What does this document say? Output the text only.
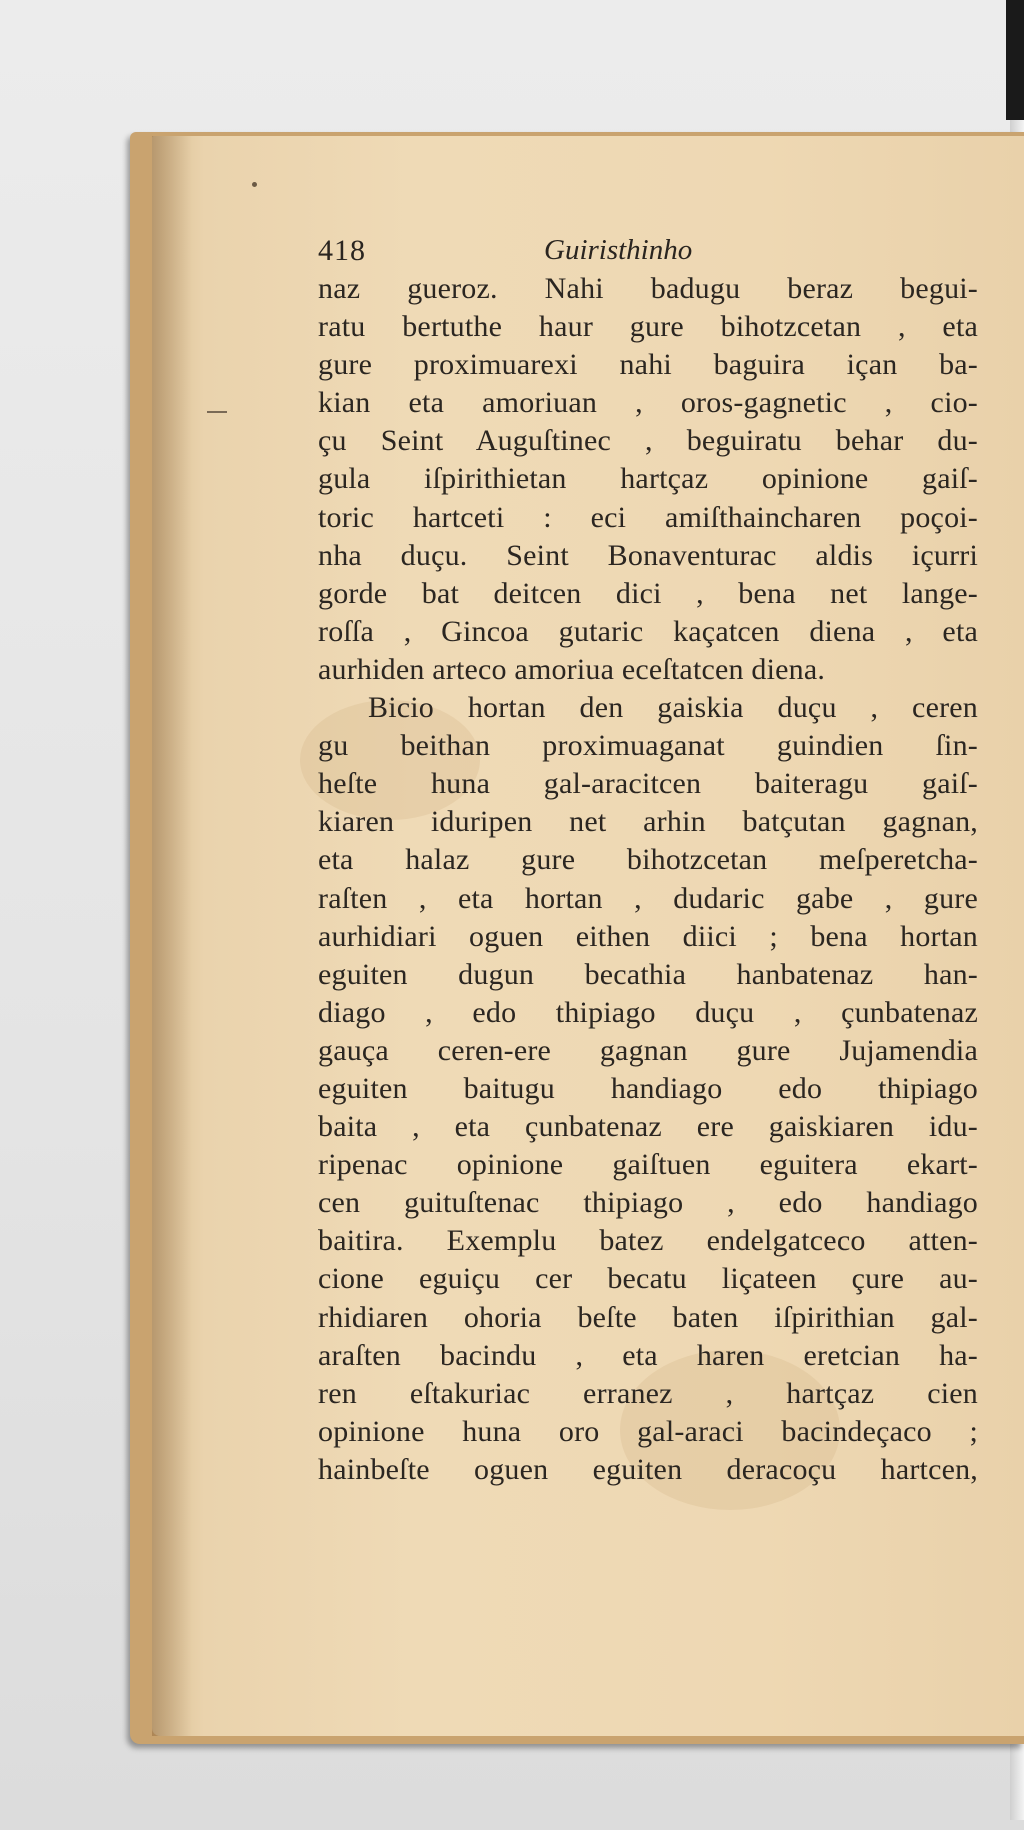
418	Guiristhinho
naz gueroz. Nahi badugu beraz begui-
ratu bertuthe haur gure bihotzcetan , eta
gure proximuarexi nahi baguira içan ba-
kian eta amoriuan , oros-gagnetic , cio-
çu Seint Auguſtinec , beguiratu behar du-
gula iſpirithietan hartçaz opinione gaiſ-
toric hartceti : eci amiſthaincharen poçoi-
nha duçu. Seint Bonaventurac aldis içurri
gorde bat deitcen dici , bena net lange-
roſſa , Gincoa gutaric kaçatcen diena , eta
aurhiden arteco amoriua eceſtatcen diena.
Bicio hortan den gaiskia duçu , ceren
gu beithan proximuaganat guindien ſin-
heſte huna gal-aracitcen baiteragu gaiſ-
kiaren iduripen net arhin batçutan gagnan,
eta halaz gure bihotzcetan meſperetcha-
raſten , eta hortan , dudaric gabe , gure
aurhidiari oguen eithen diici ; bena hortan
eguiten dugun becathia hanbatenaz han-
diago , edo thipiago duçu , çunbatenaz
gauça ceren-ere gagnan gure Jujamendia
eguiten baitugu handiago edo thipiago
baita , eta çunbatenaz ere gaiskiaren idu-
ripenac opinione gaiſtuen eguitera ekart-
cen guituſtenac thipiago , edo handiago
baitira. Exemplu batez endelgatceco atten-
cione eguiçu cer becatu liçateen çure au-
rhidiaren ohoria beſte baten iſpirithian gal-
araſten bacindu , eta haren eretcian ha-
ren eſtakuriac erranez , hartçaz cien
opinione huna oro gal-araci bacindeçaco ;
hainbeſte oguen eguiten deracoçu hartcen,
